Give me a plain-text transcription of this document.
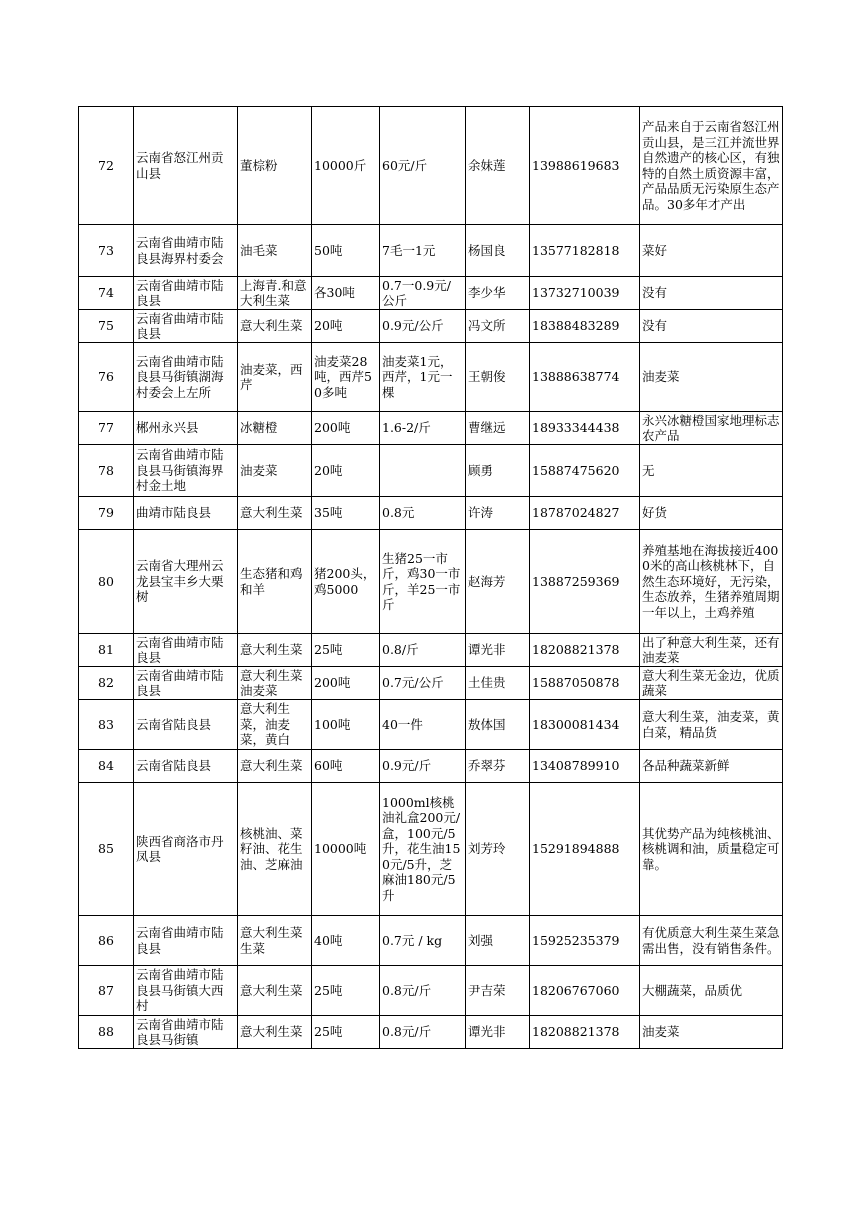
72	云南省怒江州贡山县	董棕粉	10000斤	60元/斤	余妹莲	13988619683	产品来自于云南省怒江州贡山县，是三江并流世界自然遗产的核心区，有独特的自然土质资源丰富，产品品质无污染原生态产品。30多年才产出

73	云南省曲靖市陆良县海界村委会	油毛菜	50吨	7毛一1元	杨国良	13577182818	菜好

74	云南省曲靖市陆良县	上海青.和意大利生菜	各30吨	0.7一0.9元/公斤	李少华	13732710039	没有

75	云南省曲靖市陆良县	意大利生菜	20吨	0.9元/公斤	冯文所	18388483289	没有

76	云南省曲靖市陆良县马街镇湖海村委会上左所	油麦菜，西芹	油麦菜28吨，西芹50多吨	油麦菜1元，西芹，1元一棵	王朝俊	13888638774	油麦菜

77	郴州永兴县	冰糖橙	200吨	1.6-2/斤	曹继远	18933344438	永兴冰糖橙国家地理标志农产品

78	云南省曲靖市陆良县马街镇海界村金土地	油麦菜	20吨		顾勇	15887475620	无

79	曲靖市陆良县	意大利生菜	35吨	0.8元	许涛	18787024827	好货

80	云南省大理州云龙县宝丰乡大栗树	生态猪和鸡和羊	猪200头，鸡5000	生猪25一市斤，鸡30一市斤，羊25一市斤	赵海芳	13887259369	养殖基地在海拔接近4000米的高山核桃林下，自然生态环境好，无污染，生态放养，生猪养殖周期一年以上，土鸡养殖

81	云南省曲靖市陆良县	意大利生菜	25吨	0.8/斤	谭光非	18208821378	出了种意大利生菜，还有油麦菜

82	云南省曲靖市陆良县	意大利生菜油麦菜	200吨	0.7元/公斤	土佳贵	15887050878	意大利生菜无金边，优质蔬菜

83	云南省陆良县	意大利生菜，油麦菜，黄白	100吨	40一件	敖体国	18300081434	意大利生菜，油麦菜，黄白菜，精品货

84	云南省陆良县	意大利生菜	60吨	0.9元/斤	乔翠芬	13408789910	各品种蔬菜新鲜

85	陕西省商洛市丹凤县	核桃油、菜籽油、花生油、芝麻油	10000吨	1000ml核桃油礼盒200元/盒，100元/5升，花生油150元/5升，芝麻油180元/5升	刘芳玲	15291894888	其优势产品为纯核桃油、核桃调和油，质量稳定可靠。

86	云南省曲靖市陆良县	意大利生菜生菜	40吨	0.7元 / kg	刘强	15925235379	有优质意大利生菜生菜急需出售，没有销售条件。

87	云南省曲靖市陆良县马街镇大西村	意大利生菜	25吨	0.8元/斤	尹吉荣	18206767060	大棚蔬菜，品质优

88	云南省曲靖市陆良县马街镇	意大利生菜	25吨	0.8元/斤	谭光非	18208821378	油麦菜
